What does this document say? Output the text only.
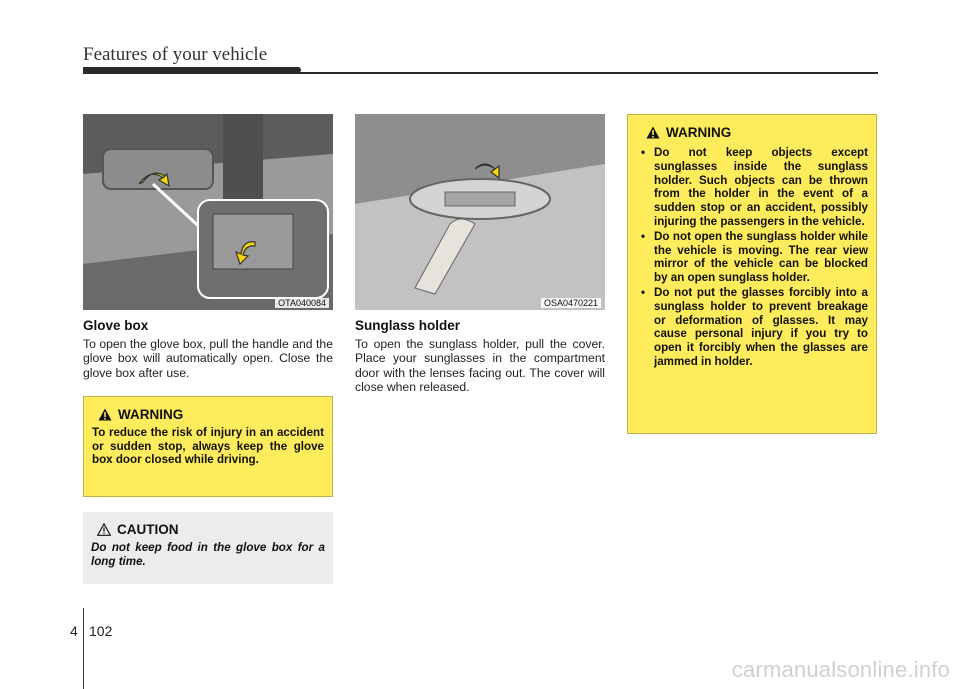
Features of your vehicle
OTA040084	OSA0470221
Glove box
To open the glove box, pull the handle and the glove box will automatically open. Close the glove box after use.
WARNING
To reduce the risk of injury in an accident or sudden stop, always keep the glove box door closed while driving.
CAUTION
Do not keep food in the glove box for a long time.
Sunglass holder
To open the sunglass holder, pull the cover. Place your sunglasses in the compartment door with the lenses facing out. The cover will close when released.
WARNING
• Do not keep objects except sunglasses inside the sunglass holder. Such objects can be thrown from the holder in the event of a sudden stop or an accident, possibly injuring the passengers in the vehicle.
• Do not open the sunglass holder while the vehicle is moving. The rear view mirror of the vehicle can be blocked by an open sunglass holder.
• Do not put the glasses forcibly into a sunglass holder to prevent breakage or deformation of glasses. It may cause personal injury if you try to open it forcibly when the glasses are jammed in holder.
4 102
carmanualsonline.info
